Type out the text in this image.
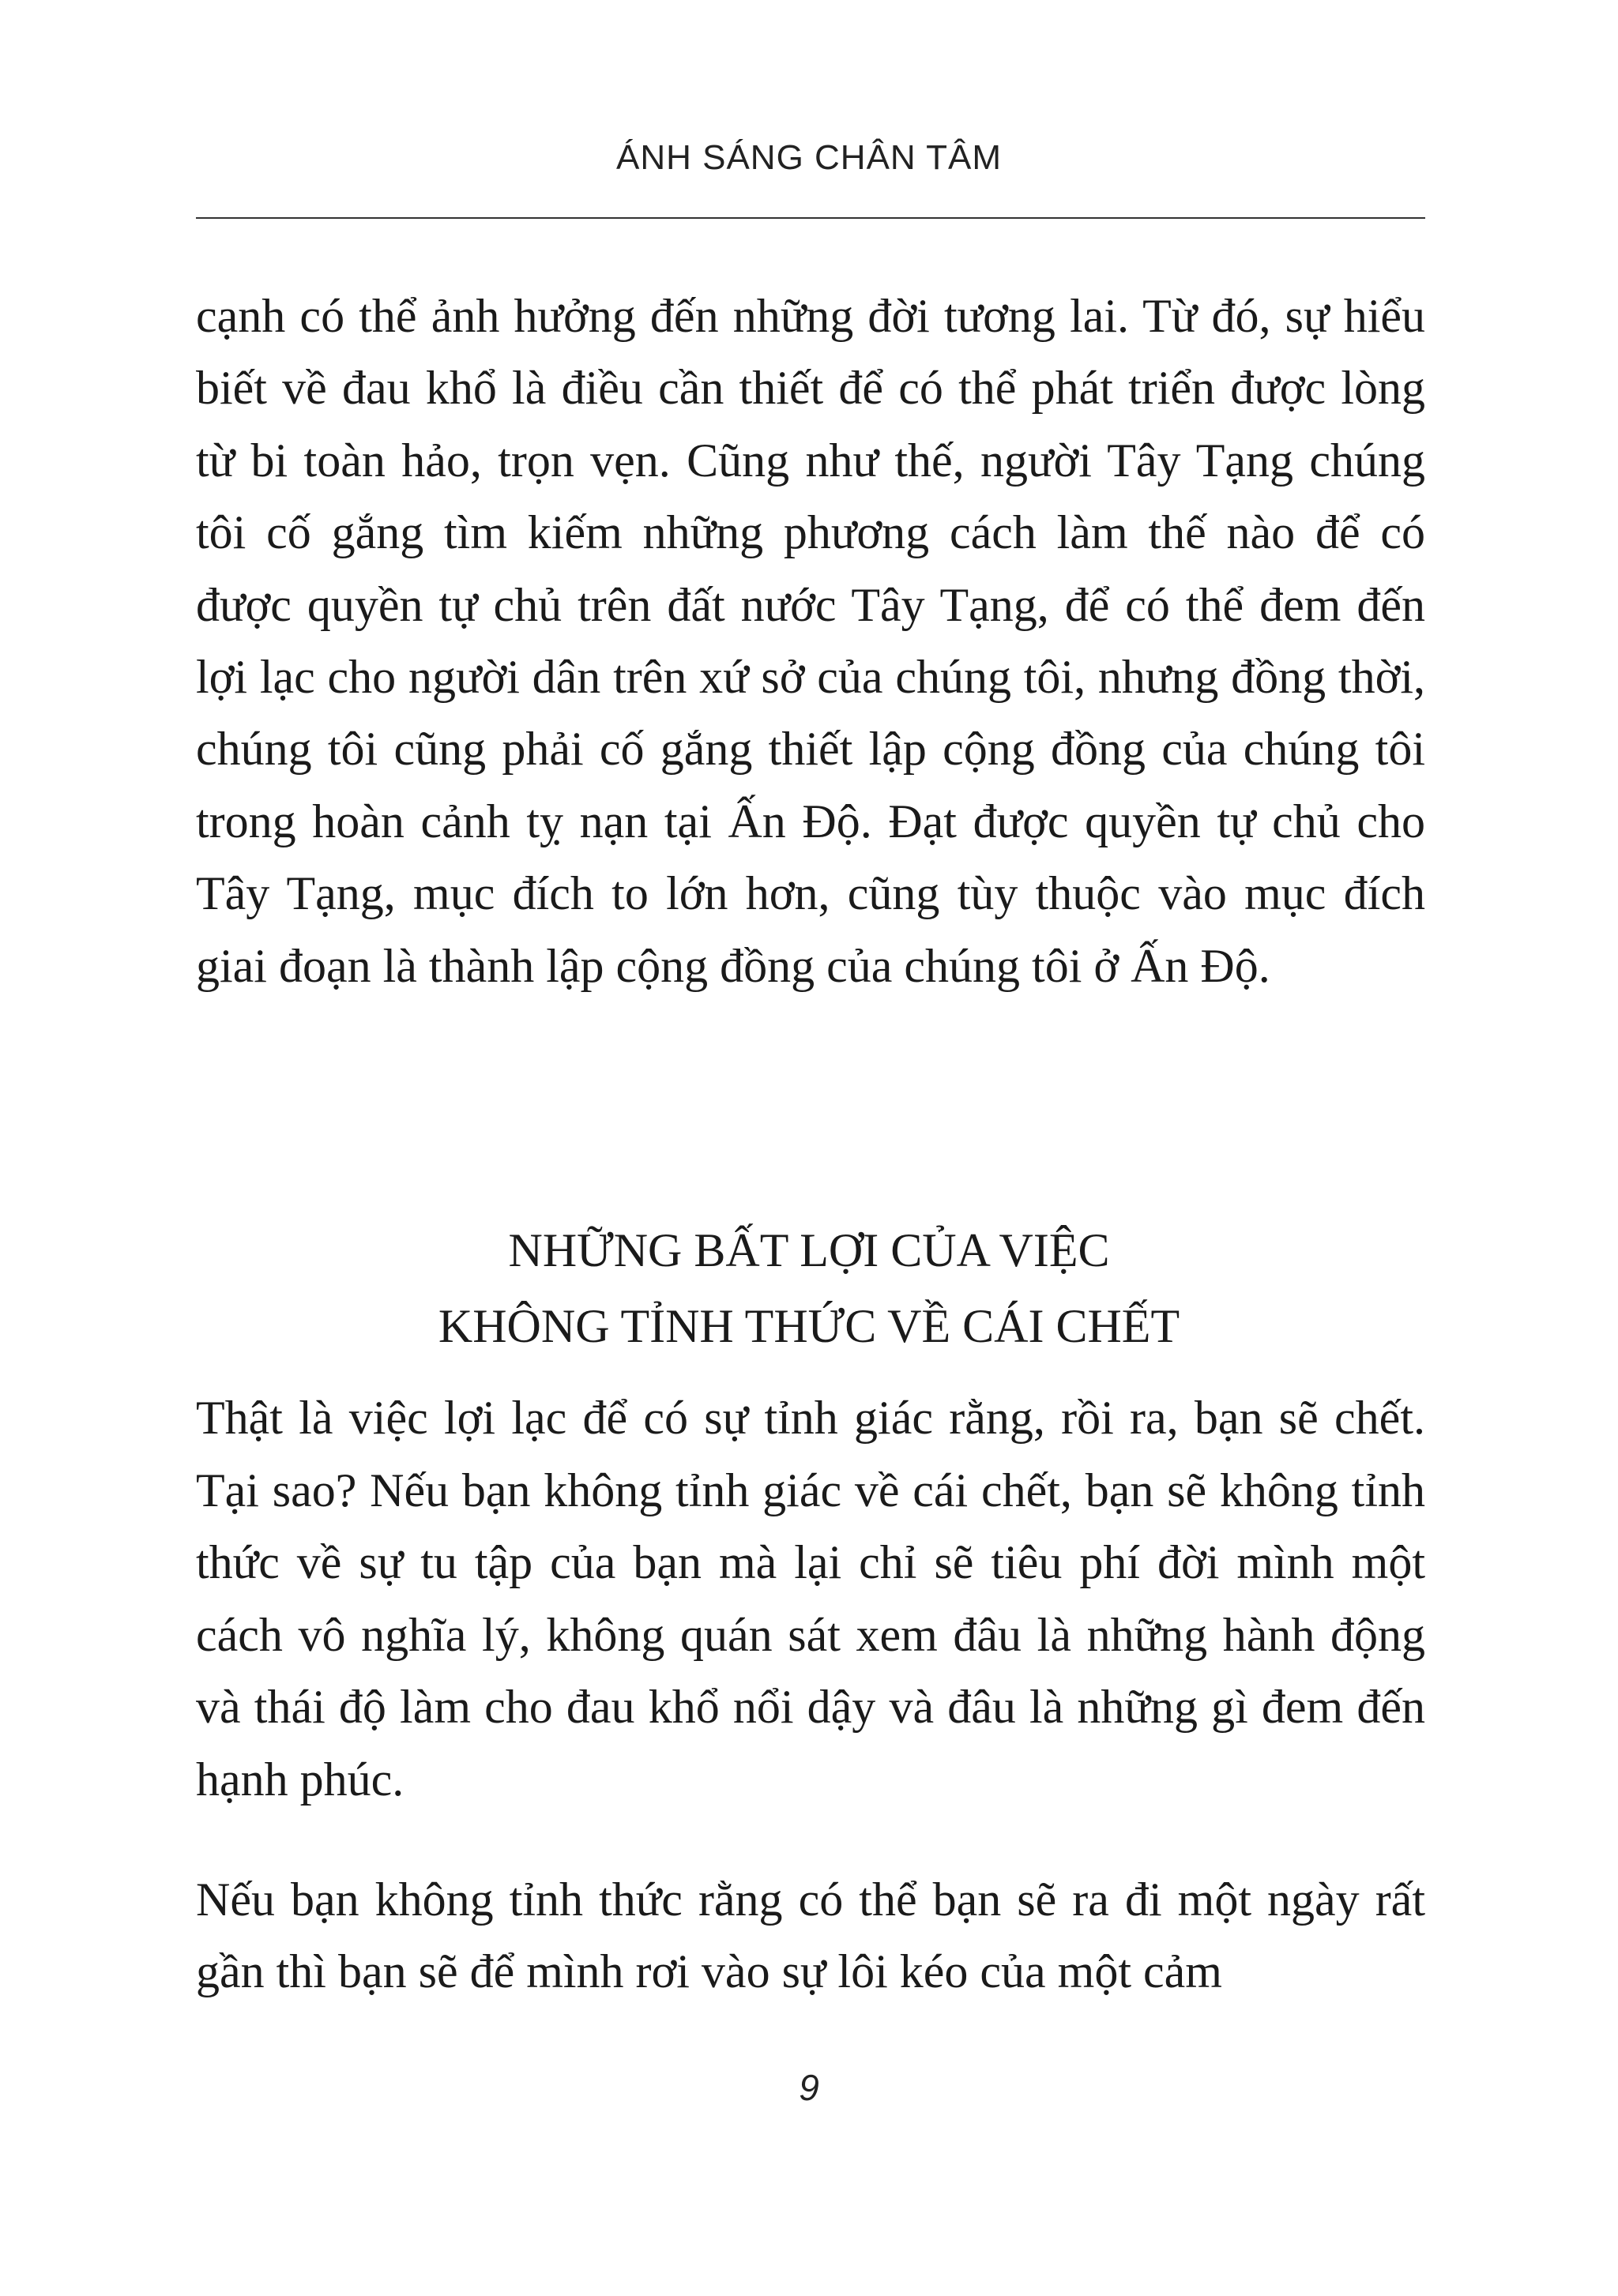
ÁNH SÁNG CHÂN TÂM

cạnh có thể ảnh hưởng đến những đời tương lai. Từ đó, sự hiểu biết về đau khổ là điều cần thiết để có thể phát triển được lòng từ bi toàn hảo, trọn vẹn. Cũng như thế, người Tây Tạng chúng tôi cố gắng tìm kiếm những phương cách làm thế nào để có được quyền tự chủ trên đất nước Tây Tạng, để có thể đem đến lợi lạc cho người dân trên xứ sở của chúng tôi, nhưng đồng thời, chúng tôi cũng phải cố gắng thiết lập cộng đồng của chúng tôi trong hoàn cảnh tỵ nạn tại Ấn Độ. Đạt được quyền tự chủ cho Tây Tạng, mục đích to lớn hơn, cũng tùy thuộc vào mục đích giai đoạn là thành lập cộng đồng của chúng tôi ở Ấn Độ.

NHỮNG BẤT LỢI CỦA VIỆC
KHÔNG TỈNH THỨC VỀ CÁI CHẾT

Thật là việc lợi lạc để có sự tỉnh giác rằng, rồi ra, bạn sẽ chết. Tại sao? Nếu bạn không tỉnh giác về cái chết, bạn sẽ không tỉnh thức về sự tu tập của bạn mà lại chỉ sẽ tiêu phí đời mình một cách vô nghĩa lý, không quán sát xem đâu là những hành động và thái độ làm cho đau khổ nổi dậy và đâu là những gì đem đến hạnh phúc.

Nếu bạn không tỉnh thức rằng có thể bạn sẽ ra đi một ngày rất gần thì bạn sẽ để mình rơi vào sự lôi kéo của một cảm

9
